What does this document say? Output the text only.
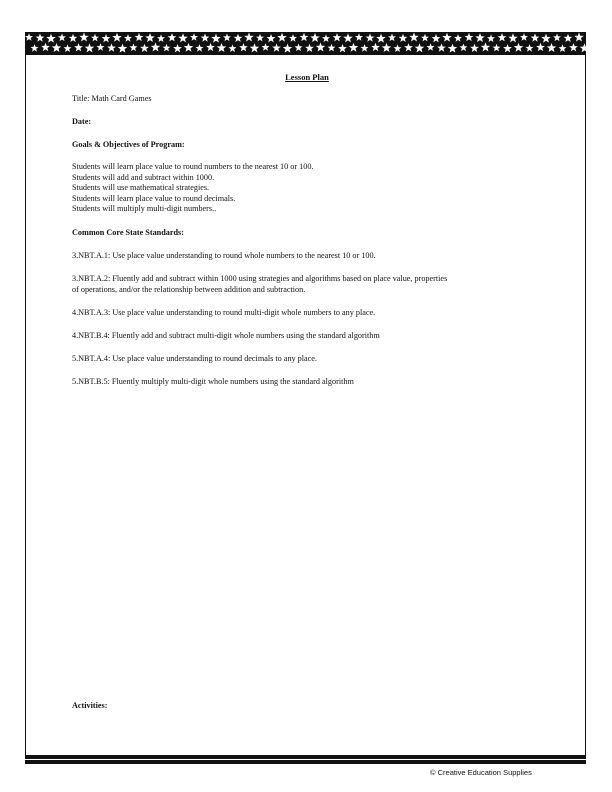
Lesson Plan

Title: Math Card Games

Date:

Goals & Objectives of Program:

Students will learn place value to round numbers to the nearest 10 or 100.

Students will add and subtract within 1000.

Students will use mathematical strategies.

Students will learn place value to round decimals.

Students will multiply multi-digit numbers..

Common Core State Standards:

3.NBT.A.1: Use place value understanding to round whole numbers to the nearest 10 or 100.

3.NBT.A.2: Fluently add and subtract within 1000 using strategies and algorithms based on place value, properties

of operations, and/or the relationship between addition and subtraction.

4.NBT.A.3: Use place value understanding to round multi-digit whole numbers to any place.

4.NBT.B.4: Fluently add and subtract multi-digit whole numbers using the standard algorithm

5.NBT.A.4: Use place value understanding to round decimals to any place.

5.NBT.B.5: Fluently multiply multi-digit whole numbers using the standard algorithm

Activities:

© Creative Education Supplies
